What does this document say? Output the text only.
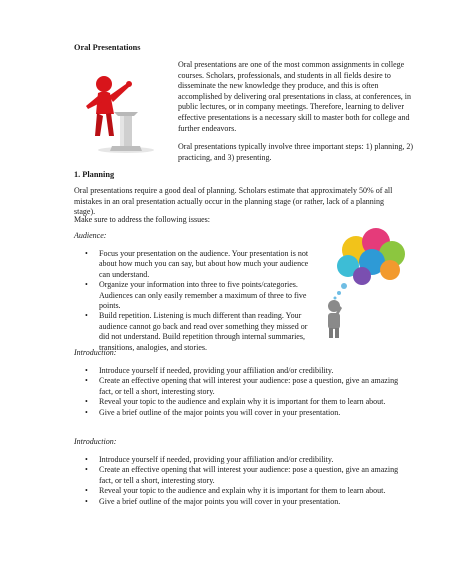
Oral Presentations

Oral presentations are one of the most common assignments in college courses. Scholars, professionals, and students in all fields desire to disseminate the new knowledge they produce, and this is often accomplished by delivering oral presentations in class, at conferences, in public lectures, or in company meetings. Therefore, learning to deliver effective presentations is a necessary skill to master both for college and further endeavors.

Oral presentations typically involve three important steps: 1) planning, 2) practicing, and 3) presenting.

1. Planning
Oral presentations require a good deal of planning. Scholars estimate that approximately 50% of all mistakes in an oral presentation actually occur in the planning stage (or rather, lack of a planning stage).
Make sure to address the following issues:
Audience:
• Focus your presentation on the audience. Your presentation is not about how much you can say, but about how much your audience can understand.
• Organize your information into three to five points/categories. Audiences can only easily remember a maximum of three to five points.
• Build repetition. Listening is much different than reading. Your audience cannot go back and read over something they missed or did not understand. Build repetition through internal summaries, transitions, analogies, and stories.
Introduction:
• Introduce yourself if needed, providing your affiliation and/or credibility.
• Create an effective opening that will interest your audience: pose a question, give an amazing fact, or tell a short, interesting story.
• Reveal your topic to the audience and explain why it is important for them to learn about.
• Give a brief outline of the major points you will cover in your presentation.
Introduction:
• Introduce yourself if needed, providing your affiliation and/or credibility.
• Create an effective opening that will interest your audience: pose a question, give an amazing fact, or tell a short, interesting story.
• Reveal your topic to the audience and explain why it is important for them to learn about.
• Give a brief outline of the major points you will cover in your presentation.
